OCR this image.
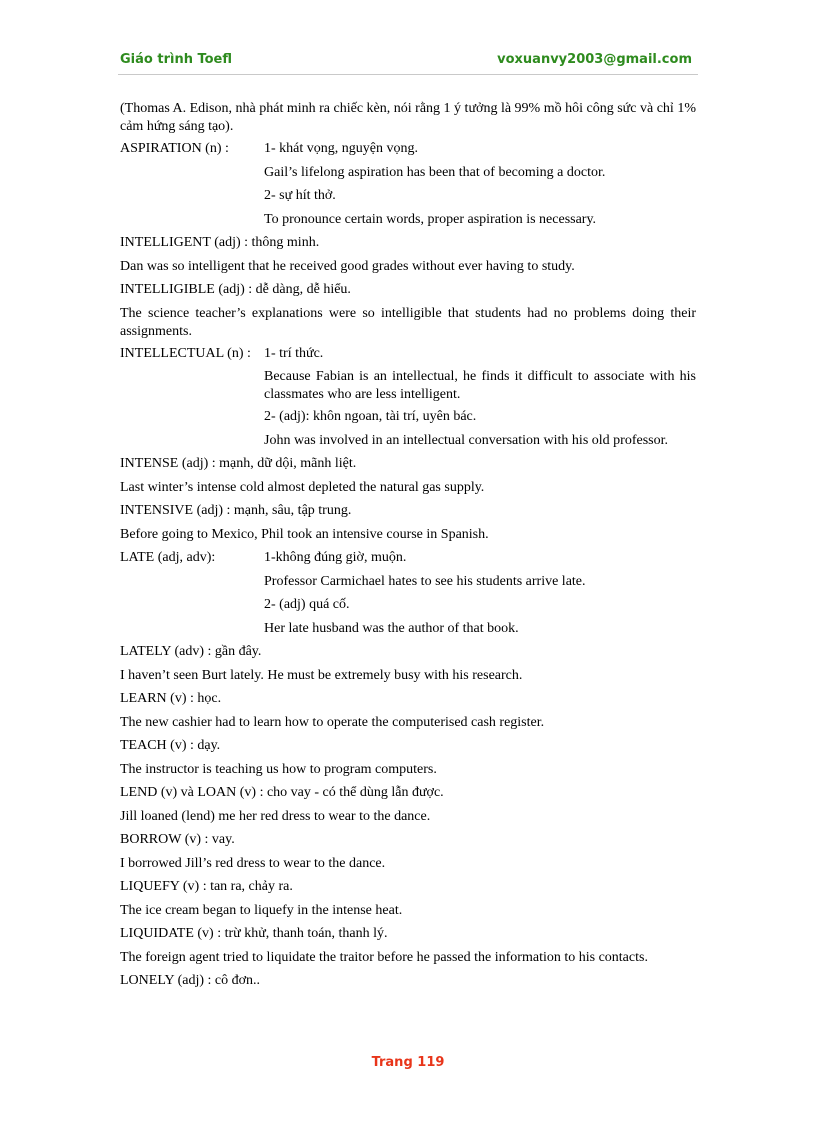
Giáo trình Toefl	voxuanvy2003@gmail.com

(Thomas A. Edison, nhà phát minh ra chiếc kèn, nói rằng 1 ý tưởng là 99% mồ hôi công sức và chỉ 1% cảm hứng sáng tạo).

ASPIRATION (n) :	1- khát vọng, nguyện vọng.

Gail’s lifelong aspiration has been that of becoming a doctor.

2- sự hít thở.

To pronounce certain words, proper aspiration is necessary.

INTELLIGENT (adj) : thông minh.

Dan was so intelligent that he received good grades without ever having to study.

INTELLIGIBLE (adj) : dễ dàng, dễ hiểu.

The science teacher’s explanations were so intelligible that students had no problems doing their assignments.

INTELLECTUAL (n) : 1- trí thức.

Because Fabian is an intellectual, he finds it difficult to associate with his classmates who are less intelligent.

2- (adj): khôn ngoan, tài trí, uyên bác.

John was involved in an intellectual conversation with his old professor.

INTENSE (adj) : mạnh, dữ dội, mãnh liệt.

Last winter’s intense cold almost depleted the natural gas supply.

INTENSIVE (adj) : mạnh, sâu, tập trung.

Before going to Mexico, Phil took an intensive course in Spanish.

LATE (adj, adv):	1-không đúng giờ, muộn.

Professor Carmichael hates to see his students arrive late.

2- (adj) quá cố.

Her late husband was the author of that book.

LATELY (adv) : gần đây.

I haven’t seen Burt lately. He must be extremely busy with his research.

LEARN (v) : học.

The new cashier had to learn how to operate the computerised cash register.

TEACH (v) : dạy.

The instructor is teaching us how to program computers.

LEND (v) và LOAN (v) : cho vay - có thể dùng lẫn được.

Jill loaned (lend) me her red dress to wear to the dance.

BORROW (v) : vay.

I borrowed Jill’s red dress to wear to the dance.

LIQUEFY (v) : tan ra, chảy ra.

The ice cream began to liquefy in the intense heat.

LIQUIDATE (v) : trừ khử, thanh toán, thanh lý.

The foreign agent tried to liquidate the traitor before he passed the information to his contacts.

LONELY (adj) : cô đơn..

Trang 119
